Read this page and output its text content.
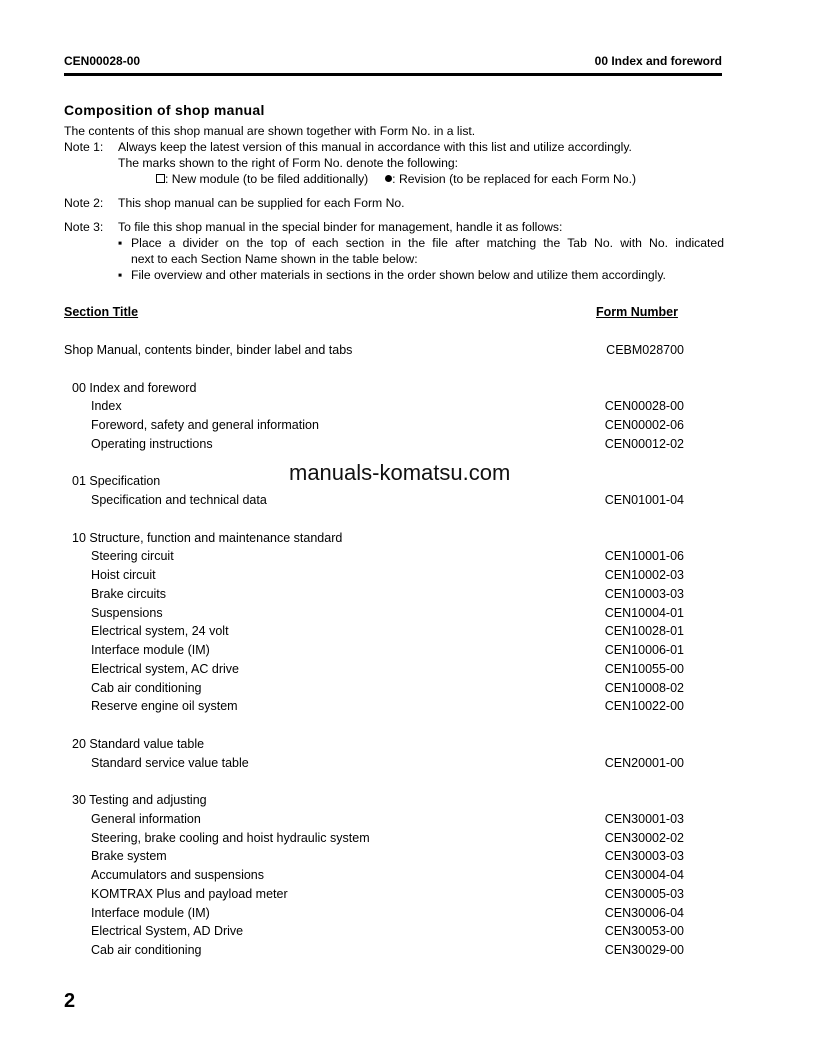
CEN00028-00	00 Index and foreword
Composition of shop manual
The contents of this shop manual are shown together with Form No. in a list.
Note 1: Always keep the latest version of this manual in accordance with this list and utilize accordingly.
The marks shown to the right of Form No. denote the following:
: New module (to be filed additionally) : Revision (to be replaced for each Form No.)
Note 2: This shop manual can be supplied for each Form No.
Note 3: To file this shop manual in the special binder for management, handle it as follows:
▪ Place a divider on the top of each section in the file after matching the Tab No. with No. indicated
next to each Section Name shown in the table below:
▪ File overview and other materials in sections in the order shown below and utilize them accordingly.
Section Title	Form Number
Shop Manual, contents binder, binder label and tabs	CEBM028700
00 Index and foreword
Index	CEN00028-00
Foreword, safety and general information	CEN00002-06
Operating instructions	CEN00012-02
01 Specification
Specification and technical data	CEN01001-04
10 Structure, function and maintenance standard
Steering circuit	CEN10001-06
Hoist circuit	CEN10002-03
Brake circuits	CEN10003-03
Suspensions	CEN10004-01
Electrical system, 24 volt	CEN10028-01
Interface module (IM)	CEN10006-01
Electrical system, AC drive	CEN10055-00
Cab air conditioning	CEN10008-02
Reserve engine oil system	CEN10022-00
20 Standard value table
Standard service value table	CEN20001-00
30 Testing and adjusting
General information	CEN30001-03
Steering, brake cooling and hoist hydraulic system	CEN30002-02
Brake system	CEN30003-03
Accumulators and suspensions	CEN30004-04
KOMTRAX Plus and payload meter	CEN30005-03
Interface module (IM)	CEN30006-04
Electrical System, AD Drive	CEN30053-00
Cab air conditioning	CEN30029-00
manuals-komatsu.com
2
